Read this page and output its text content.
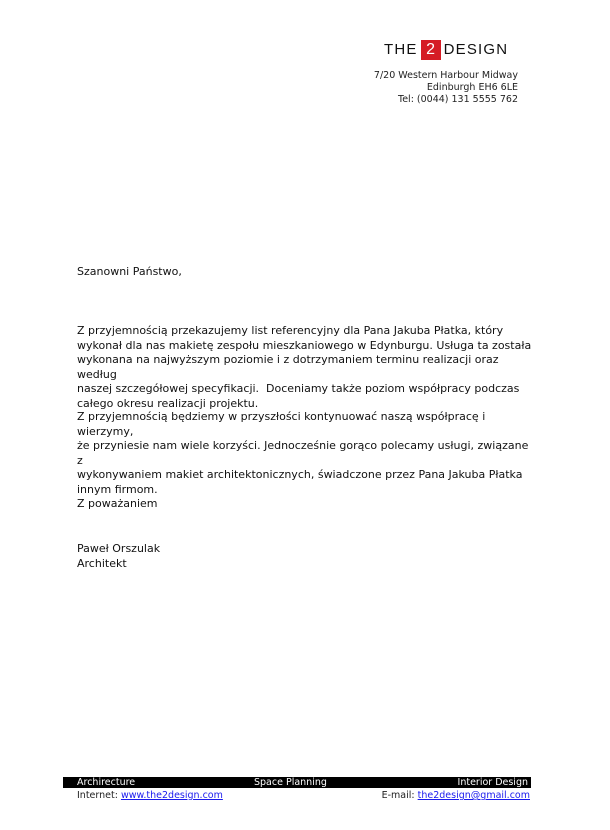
THE 2 DESIGN
7/20 Western Harbour Midway
Edinburgh EH6 6LE
Tel: (0044) 131 5555 762
Szanowni Państwo,
Z przyjemnością przekazujemy list referencyjny dla Pana Jakuba Płatka, który
wykonał dla nas makietę zespołu mieszkaniowego w Edynburgu. Usługa ta została
wykonana na najwyższym poziomie i z dotrzymaniem terminu realizacji oraz według
naszej szczegółowej specyfikacji.  Doceniamy także poziom współpracy podczas
całego okresu realizacji projektu.
Z przyjemnością będziemy w przyszłości kontynuować naszą współpracę i wierzymy,
że przyniesie nam wiele korzyści. Jednocześnie gorąco polecamy usługi, związane z
wykonywaniem makiet architektonicznych, świadczone przez Pana Jakuba Płatka
innym firmom.
Z poważaniem
Paweł Orszulak
Architekt
Archirecture	Space Planning	Interior Design
Internet: www.the2design.com	E-mail: the2design@gmail.com
